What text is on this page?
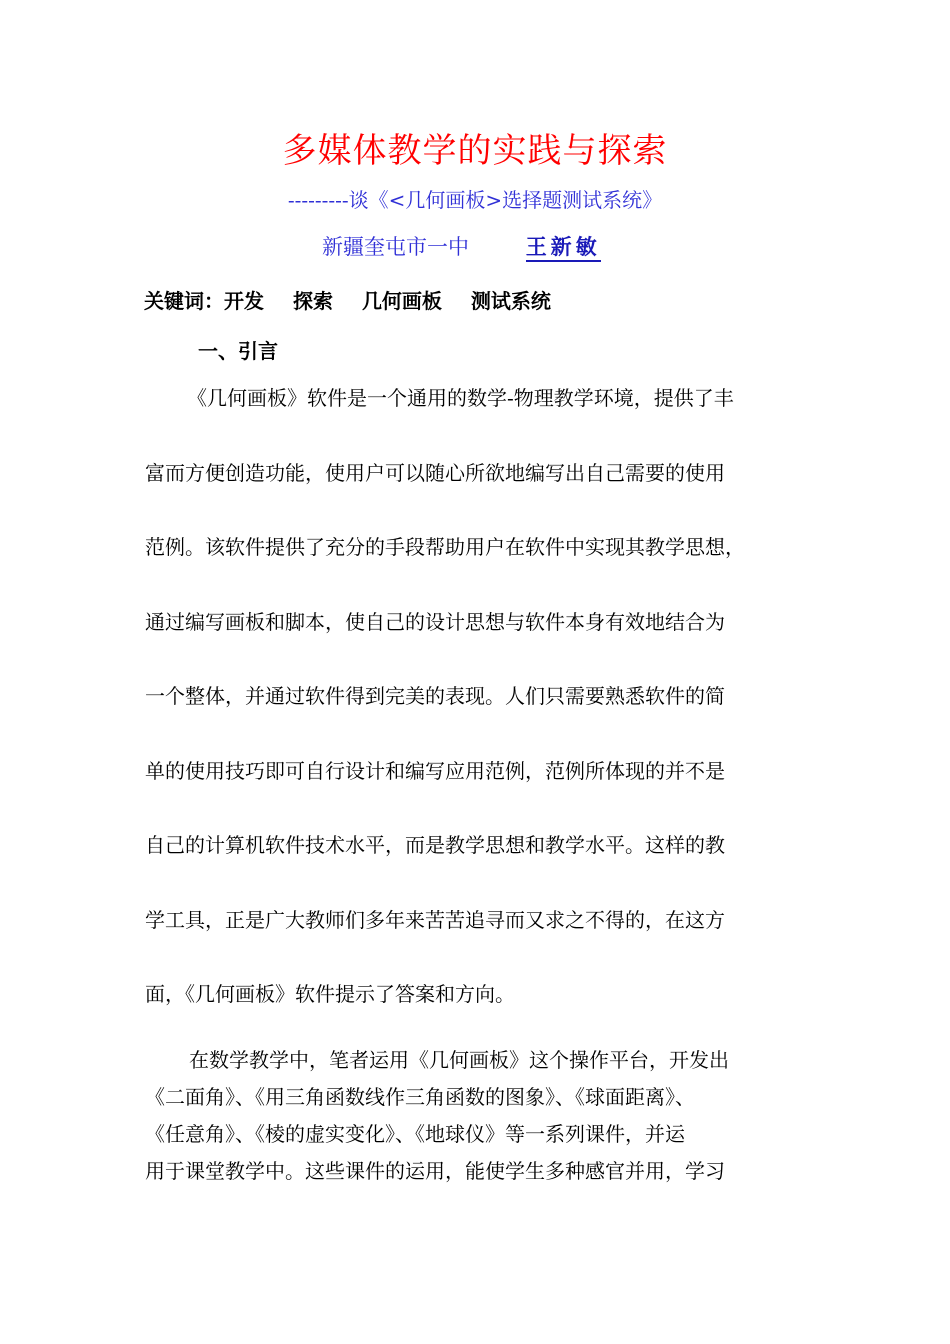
多媒体教学的实践与探索
---------谈《<几何画板>选择题测试系统》
新疆奎屯市一中	王新敏
关键词：开发 探索 几何画板 测试系统
一、引言
《几何画板》软件是一个通用的数学-物理教学环境，提供了丰
富而方便创造功能，使用户可以随心所欲地编写出自己需要的使用
范例。该软件提供了充分的手段帮助用户在软件中实现其教学思想，
通过编写画板和脚本，使自己的设计思想与软件本身有效地结合为
一个整体，并通过软件得到完美的表现。人们只需要熟悉软件的简
单的使用技巧即可自行设计和编写应用范例，范例所体现的并不是
自己的计算机软件技术水平，而是教学思想和教学水平。这样的教
学工具，正是广大教师们多年来苦苦追寻而又求之不得的，在这方
面，《几何画板》软件提示了答案和方向。
在数学教学中，笔者运用《几何画板》这个操作平台，开发出
《二面角》、《用三角函数线作三角函数的图象》、《球面距离》、
《任意角》、《棱的虚实变化》、《地球仪》等一系列课件，并运
用于课堂教学中。这些课件的运用，能使学生多种感官并用，学习
